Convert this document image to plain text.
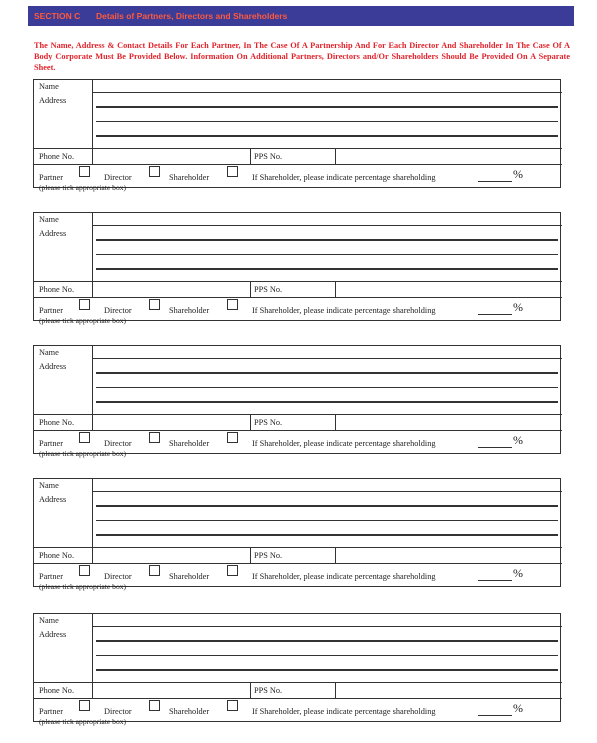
SECTION C Details of Partners, Directors and Shareholders
The Name, Address & Contact Details For Each Partner, In The Case Of A Partnership And For Each Director And Shareholder In The Case Of A Body Corporate Must Be Provided Below. Information On Additional Partners, Directors and/Or Shareholders Should Be Provided On A Separate Sheet.
Name
Address
Phone No.	PPS No.
Partner	Director	Shareholder	If Shareholder, please indicate percentage shareholding	%
(please tick appropriate box)
Name
Address
Phone No.	PPS No.
Partner	Director	Shareholder	If Shareholder, please indicate percentage shareholding	%
(please tick appropriate box)
Name
Address
Phone No.	PPS No.
Partner	Director	Shareholder	If Shareholder, please indicate percentage shareholding	%
(please tick appropriate box)
Name
Address
Phone No.	PPS No.
Partner	Director	Shareholder	If Shareholder, please indicate percentage shareholding	%
(please tick appropriate box)
Name
Address
Phone No.	PPS No.
Partner	Director	Shareholder	If Shareholder, please indicate percentage shareholding	%
(please tick appropriate box)
